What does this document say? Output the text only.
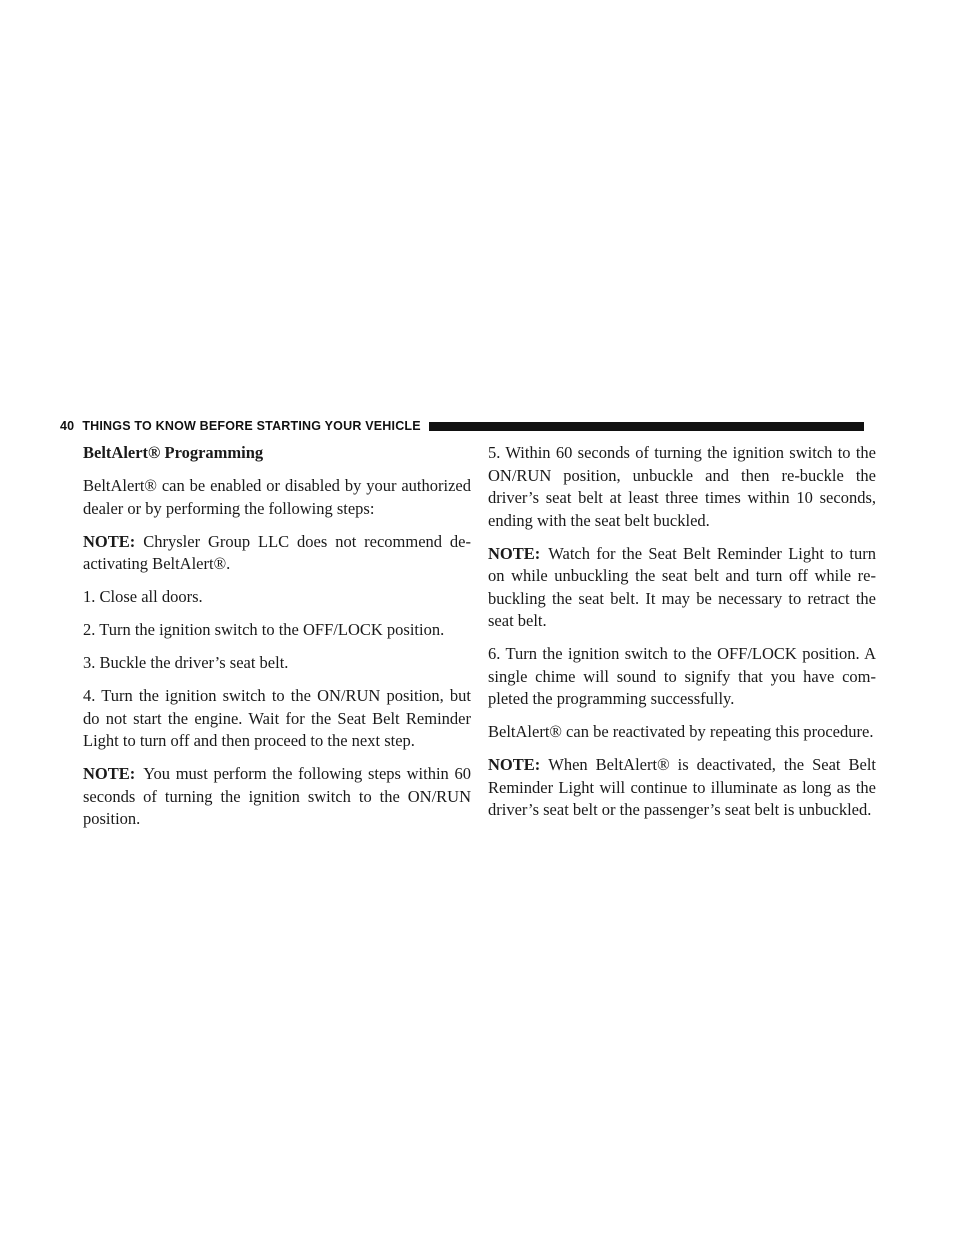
40 THINGS TO KNOW BEFORE STARTING YOUR VEHICLE

BeltAlert® Programming

BeltAlert® can be enabled or disabled by your authorized dealer or by performing the following steps:

NOTE: Chrysler Group LLC does not recommend de-activating BeltAlert®.

1. Close all doors.

2. Turn the ignition switch to the OFF/LOCK position.

3. Buckle the driver’s seat belt.

4. Turn the ignition switch to the ON/RUN position, but do not start the engine. Wait for the Seat Belt Reminder Light to turn off and then proceed to the next step.

NOTE: You must perform the following steps within 60 seconds of turning the ignition switch to the ON/RUN position.

5. Within 60 seconds of turning the ignition switch to the ON/RUN position, unbuckle and then re-buckle the driver’s seat belt at least three times within 10 seconds, ending with the seat belt buckled.

NOTE: Watch for the Seat Belt Reminder Light to turn on while unbuckling the seat belt and turn off while re-buckling the seat belt. It may be necessary to retract the seat belt.

6. Turn the ignition switch to the OFF/LOCK position. A single chime will sound to signify that you have com-pleted the programming successfully.

BeltAlert® can be reactivated by repeating this procedure.

NOTE: When BeltAlert® is deactivated, the Seat Belt Reminder Light will continue to illuminate as long as the driver’s seat belt or the passenger’s seat belt is unbuckled.
